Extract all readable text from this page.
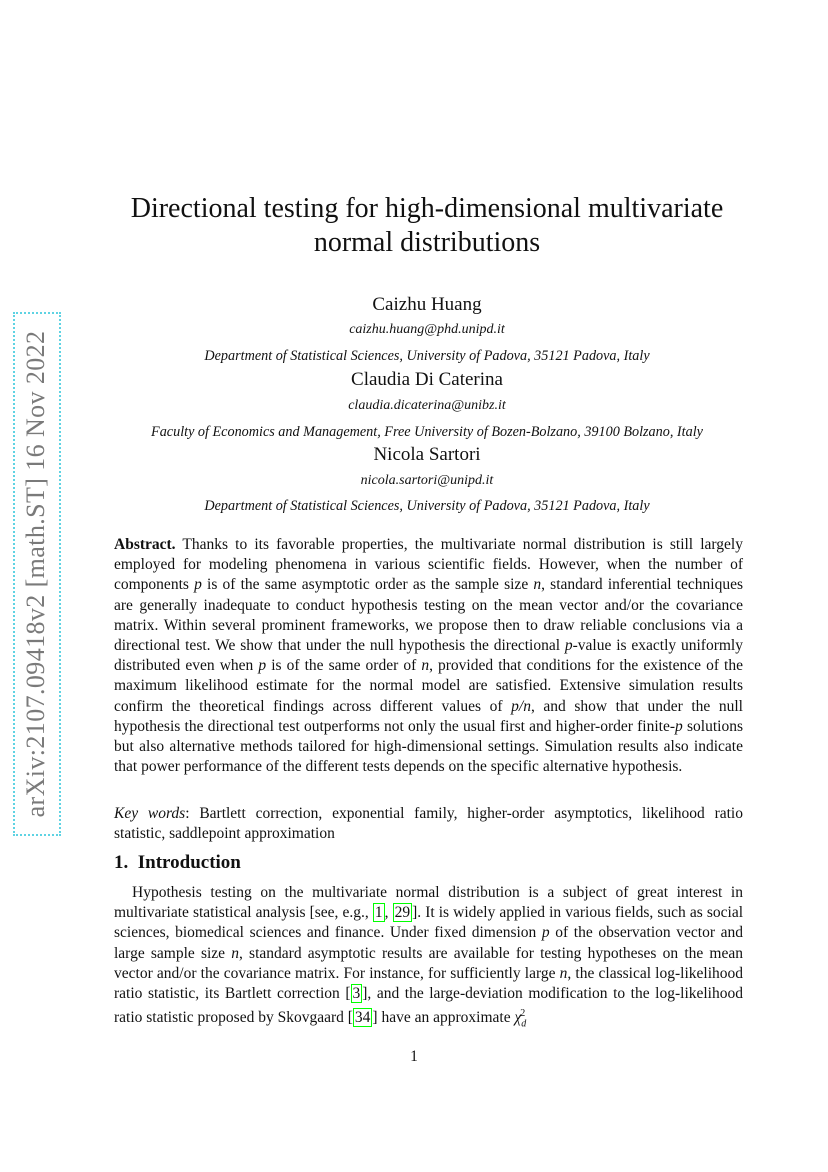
arXiv:2107.09418v2 [math.ST] 16 Nov 2022
Directional testing for high-dimensional multivariate
normal distributions

Caizhu Huang

caizhu.huang@phd.unipd.it

Department of Statistical Sciences, University of Padova, 35121 Padova, Italy

Claudia Di Caterina

claudia.dicaterina@unibz.it

Faculty of Economics and Management, Free University of Bozen-Bolzano, 39100 Bolzano, Italy

Nicola Sartori

nicola.sartori@unipd.it

Department of Statistical Sciences, University of Padova, 35121 Padova, Italy

Abstract. Thanks to its favorable properties, the multivariate normal distribution is still largely employed for modeling phenomena in various scientific fields. However, when the number of components p is of the same asymptotic order as the sample size n, standard inferential techniques are generally inadequate to conduct hypothesis testing on the mean vector and/or the covariance matrix. Within several prominent frameworks, we propose then to draw reliable conclusions via a directional test. We show that under the null hypothesis the directional p-value is exactly uniformly distributed even when p is of the same order of n, provided that conditions for the existence of the maximum likelihood estimate for the normal model are satisfied. Extensive simulation results confirm the theoretical findings across different values of p/n, and show that under the null hypothesis the directional test outperforms not only the usual first and higher-order finite-p solutions but also alternative methods tailored for high-dimensional settings. Simulation results also indicate that power performance of the different tests depends on the specific alternative hypothesis.

Key words: Bartlett correction, exponential family, higher-order asymptotics, likelihood ratio statistic, saddlepoint approximation

1. Introduction

Hypothesis testing on the multivariate normal distribution is a subject of great interest in multivariate statistical analysis [see, e.g., 1 , 29 ]. It is widely applied in various fields, such as social sciences, biomedical sciences and finance. Under fixed dimension p of the observation vector and large sample size n, standard asymptotic results are available for testing hypotheses on the mean vector and/or the covariance matrix. For instance, for sufficiently large n, the classical log-likelihood ratio statistic, its Bartlett correction [ 3 ], and the large-deviation modification to the log-likelihood ratio statistic proposed by Skovgaard [ 34 ] have an approximate $\chi_d^2$

1
